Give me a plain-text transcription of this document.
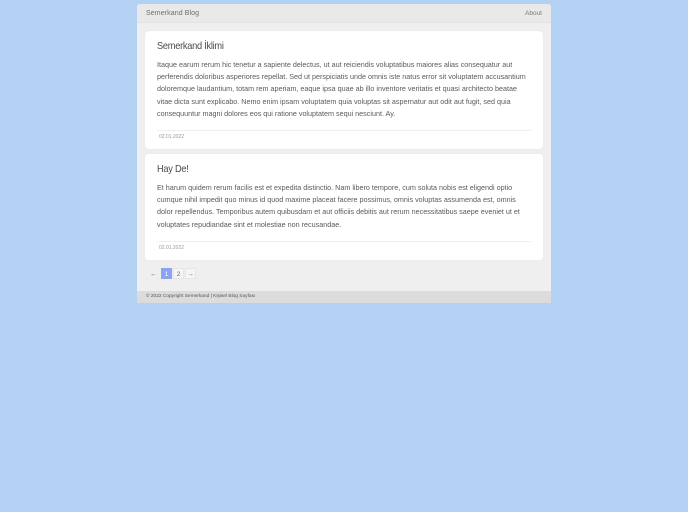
Semerkand Blog	About
Semerkand İklimi
Itaque earum rerum hic tenetur a sapiente delectus, ut aut reiciendis voluptatibus maiores alias consequatur aut perferendis doloribus asperiores repellat. Sed ut perspiciatis unde omnis iste natus error sit voluptatem accusantium doloremque laudantium, totam rem aperiam, eaque ipsa quae ab illo inventore veritatis et quasi architecto beatae vitae dicta sunt explicabo. Nemo enim ipsam voluptatem quia voluptas sit aspernatur aut odit aut fugit, sed quia consequuntur magni dolores eos qui ratione voluptatem sequi nesciunt. Ay.
02.01.2022
Hay De!
Et harum quidem rerum facilis est et expedita distinctio. Nam libero tempore, cum soluta nobis est eligendi optio cumque nihil impedit quo minus id quod maxime placeat facere possimus, omnis voluptas assumenda est, omnis dolor repellendus. Temporibus autem quibusdam et aut officiis debitis aut rerum necessitatibus saepe eveniet ut et voluptates repudiandae sint et molestiae non recusandae.
02.01.2022
←	1	2	→
© 2022 Copyright Semerkand | Kişisel Blog Sayfası
